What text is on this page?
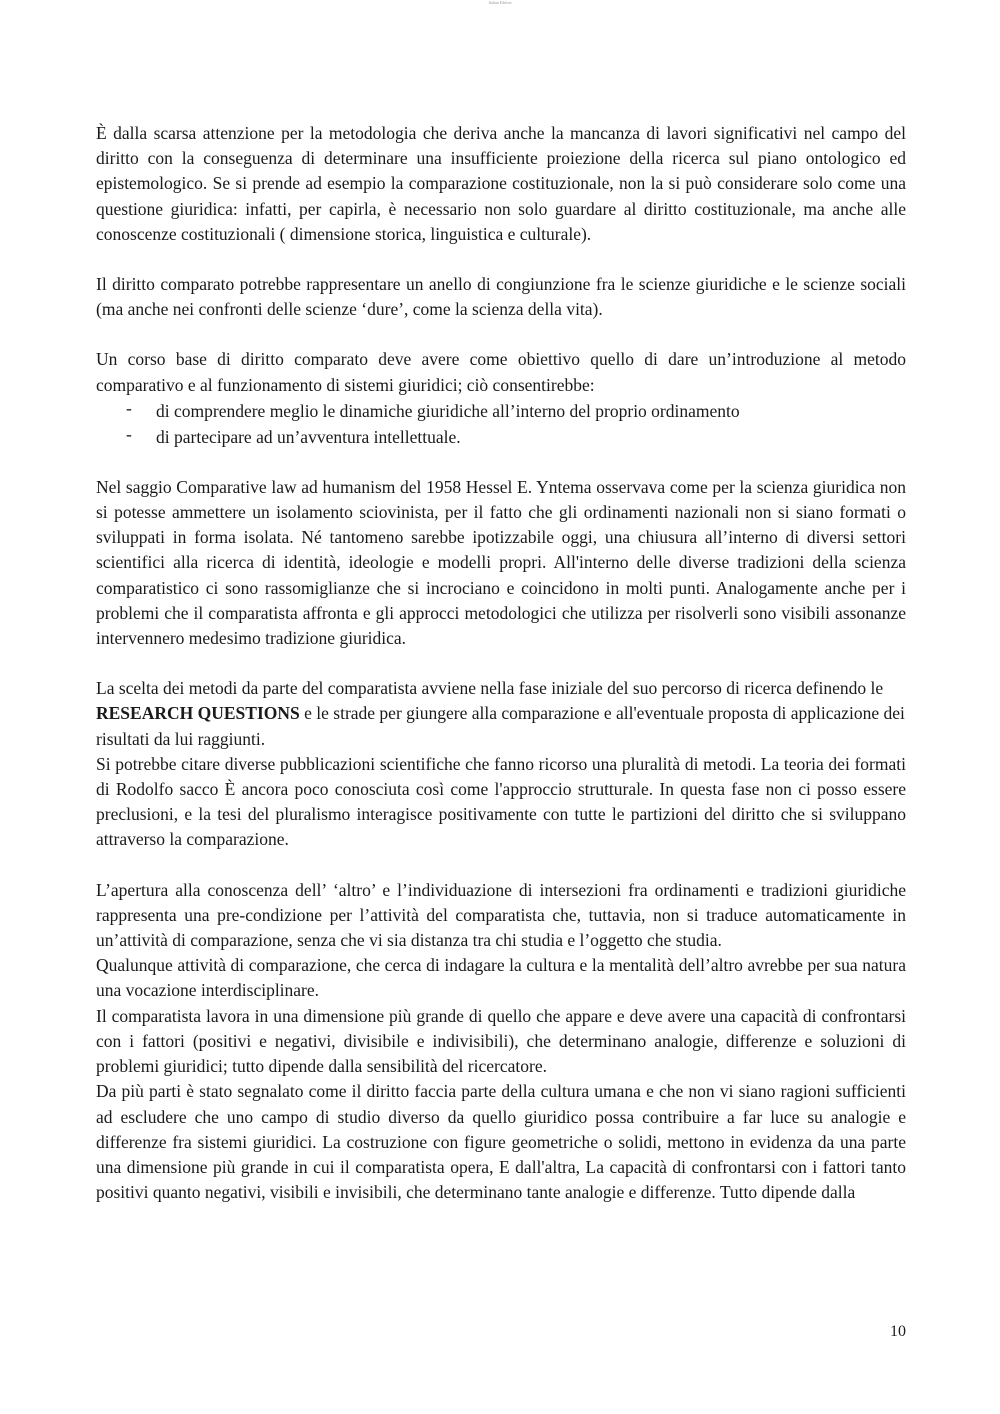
Italian Edition

È dalla scarsa attenzione per la metodologia che deriva anche la mancanza di lavori significativi nel campo del diritto con la conseguenza di determinare una insufficiente proiezione della ricerca sul piano ontologico ed epistemologico. Se si prende ad esempio la comparazione costituzionale, non la si può considerare solo come una questione giuridica: infatti, per capirla, è necessario non solo guardare al diritto costituzionale, ma anche alle conoscenze costituzionali ( dimensione storica, linguistica e culturale).

Il diritto comparato potrebbe rappresentare un anello di congiunzione fra le scienze giuridiche e le scienze sociali (ma anche nei confronti delle scienze ‘dure’, come la scienza della vita).

Un corso base di diritto comparato deve avere come obiettivo quello di dare un’introduzione al metodo comparativo e al funzionamento di sistemi giuridici; ciò consentirebbe:

- di comprendere meglio le dinamiche giuridiche all’interno del proprio ordinamento
- di partecipare ad un’avventura intellettuale.

Nel saggio Comparative law ad humanism del 1958 Hessel E. Yntema osservava come per la scienza giuridica non si potesse ammettere un isolamento sciovinista, per il fatto che gli ordinamenti nazionali non si siano formati o sviluppati in forma isolata. Né tantomeno sarebbe ipotizzabile oggi, una chiusura all’interno di diversi settori scientifici alla ricerca di identità, ideologie e modelli propri. All'interno delle diverse tradizioni della scienza comparatistico ci sono rassomiglianze che si incrociano e coincidono in molti punti. Analogamente anche per i problemi che il comparatista affronta e gli approcci metodologici che utilizza per risolverli sono visibili assonanze intervennero medesimo tradizione giuridica.

La scelta dei metodi da parte del comparatista avviene nella fase iniziale del suo percorso di ricerca definendo le RESEARCH QUESTIONS e le strade per giungere alla comparazione e all'eventuale proposta di applicazione dei risultati da lui raggiunti.

Si potrebbe citare diverse pubblicazioni scientifiche che fanno ricorso una pluralità di metodi. La teoria dei formati di Rodolfo sacco È ancora poco conosciuta così come l'approccio strutturale. In questa fase non ci posso essere preclusioni, e la tesi del pluralismo interagisce positivamente con tutte le partizioni del diritto che si sviluppano attraverso la comparazione.

L’apertura alla conoscenza dell’ ‘altro’ e l’individuazione di intersezioni fra ordinamenti e tradizioni giuridiche rappresenta una pre-condizione per l’attività del comparatista che, tuttavia, non si traduce automaticamente in un’attività di comparazione, senza che vi sia distanza tra chi studia e l’oggetto che studia.

Qualunque attività di comparazione, che cerca di indagare la cultura e la mentalità dell’altro avrebbe per sua natura una vocazione interdisciplinare.

Il comparatista lavora in una dimensione più grande di quello che appare e deve avere una capacità di confrontarsi con i fattori (positivi e negativi, divisibile e indivisibili), che determinano analogie, differenze e soluzioni di problemi giuridici; tutto dipende dalla sensibilità del ricercatore.

Da più parti è stato segnalato come il diritto faccia parte della cultura umana e che non vi siano ragioni sufficienti ad escludere che uno campo di studio diverso da quello giuridico possa contribuire a far luce su analogie e differenze fra sistemi giuridici. La costruzione con figure geometriche o solidi, mettono in evidenza da una parte una dimensione più grande in cui il comparatista opera, E dall'altra, La capacità di confrontarsi con i fattori tanto positivi quanto negativi, visibili e invisibili, che determinano tante analogie e differenze. Tutto dipende dalla

10
